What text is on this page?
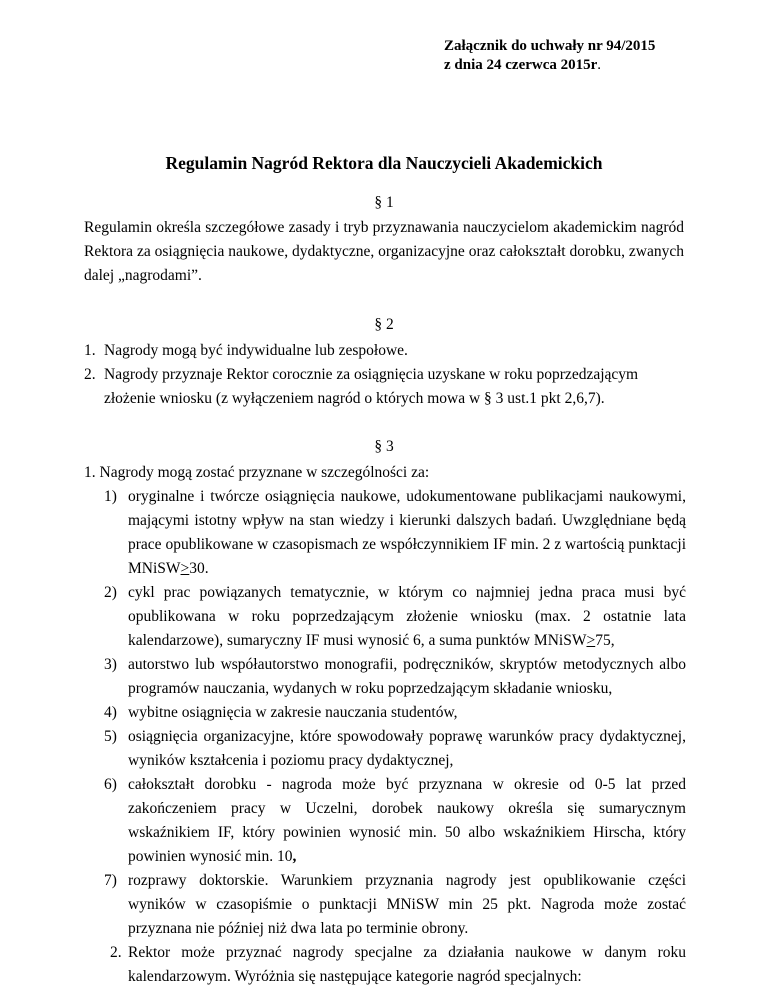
Załącznik do uchwały nr 94/2015
z dnia 24 czerwca 2015r.
Regulamin Nagród Rektora dla Nauczycieli Akademickich
§ 1
Regulamin określa szczegółowe zasady i tryb przyznawania nauczycielom akademickim nagród Rektora za osiągnięcia naukowe, dydaktyczne, organizacyjne oraz całokształt dorobku, zwanych dalej „nagrodami”.
§ 2
1. Nagrody mogą być indywidualne lub zespołowe.
2. Nagrody przyznaje Rektor corocznie za osiągnięcia uzyskane w roku poprzedzającym
złożenie wniosku (z wyłączeniem nagród o których mowa w § 3 ust.1 pkt 2,6,7).
§ 3
1. Nagrody mogą zostać przyznane w szczególności za:
1) oryginalne i twórcze osiągnięcia naukowe, udokumentowane publikacjami naukowymi, mającymi istotny wpływ na stan wiedzy i kierunki dalszych badań. Uwzględniane będą prace opublikowane w czasopismach ze współczynnikiem IF min. 2 z wartością punktacji MNiSW≥30.
2) cykl prac powiązanych tematycznie, w którym co najmniej jedna praca musi być opublikowana w roku poprzedzającym złożenie wniosku (max. 2 ostatnie lata kalendarzowe), sumaryczny IF musi wynosić 6, a suma punktów MNiSW≥75,
3) autorstwo lub współautorstwo monografii, podręczników, skryptów metodycznych albo programów nauczania, wydanych w roku poprzedzającym składanie wniosku,
4) wybitne osiągnięcia w zakresie nauczania studentów,
5) osiągnięcia organizacyjne, które spowodowały poprawę warunków pracy dydaktycznej, wyników kształcenia i poziomu pracy dydaktycznej,
6) całokształt dorobku - nagroda może być przyznana w okresie od 0-5 lat przed zakończeniem pracy w Uczelni, dorobek naukowy określa się sumarycznym wskaźnikiem IF, który powinien wynosić min. 50 albo wskaźnikiem Hirscha, który powinien wynosić min. 10,
7) rozprawy doktorskie. Warunkiem przyznania nagrody jest opublikowanie części wyników w czasopiśmie o punktacji MNiSW min 25 pkt. Nagroda może zostać przyznana nie później niż dwa lata po terminie obrony.
2. Rektor może przyznać nagrody specjalne za działania naukowe w danym roku kalendarzowym. Wyróżnia się następujące kategorie nagród specjalnych:
